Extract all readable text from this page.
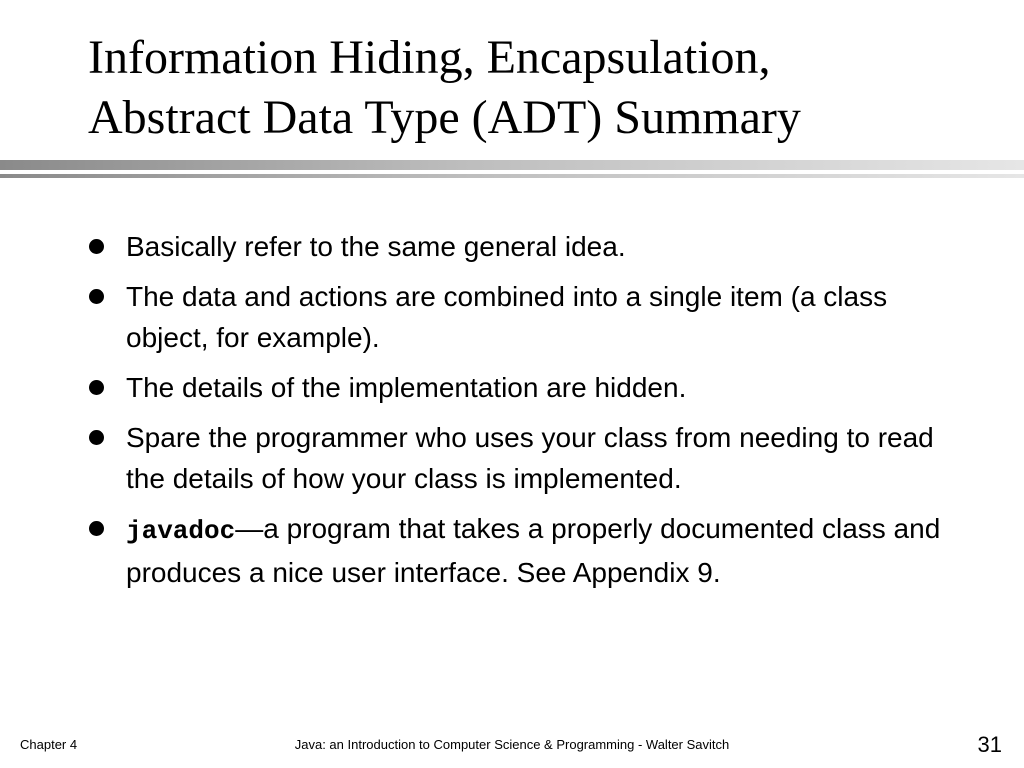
Information Hiding, Encapsulation,
Abstract Data Type (ADT) Summary
Basically refer to the same general idea.
The data and actions are combined into a single item (a class object, for example).
The details of the implementation are hidden.
Spare the programmer who uses your class from needing to read the details of how your class is implemented.
javadoc—a program that takes a properly documented class and produces a nice user interface. See Appendix 9.
Chapter 4	Java: an Introduction to Computer Science & Programming - Walter Savitch	31
